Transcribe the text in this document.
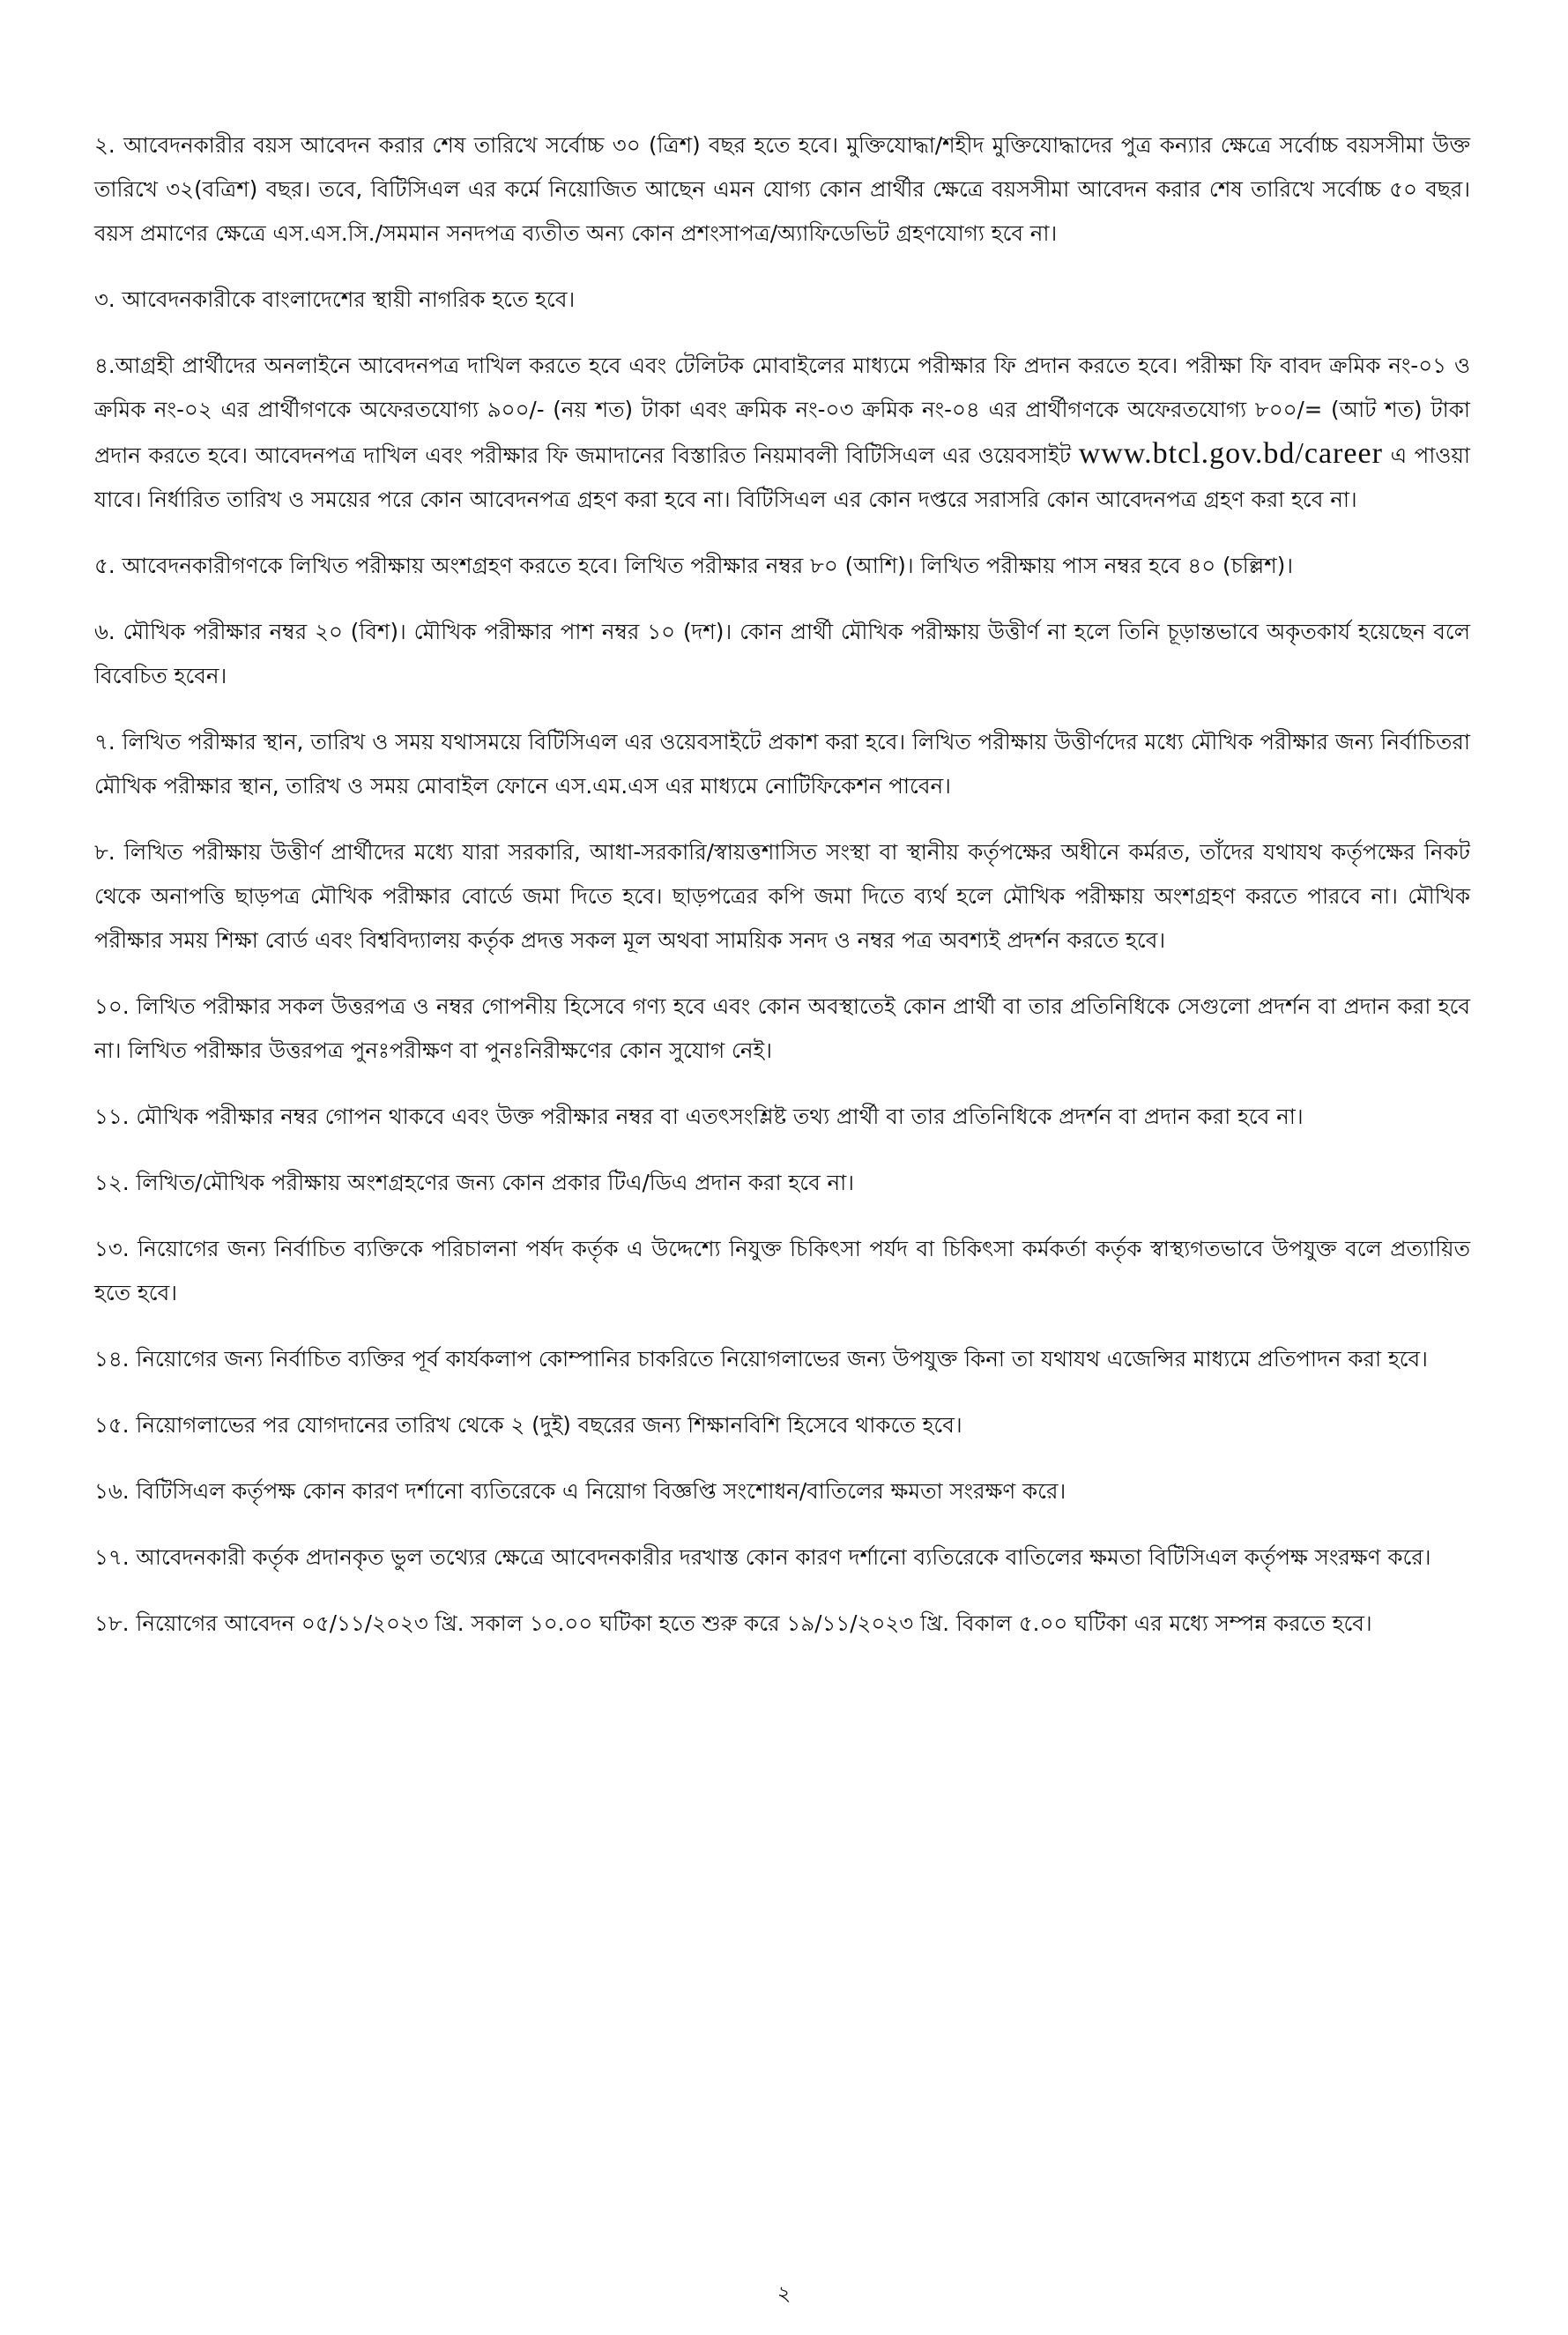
২. আবেদনকারীর বয়স আবেদন করার শেষ তারিখে সর্বোচ্চ ৩০ (ত্রিশ) বছর হতে হবে। মুক্তিযোদ্ধা/শহীদ মুক্তিযোদ্ধাদের পুত্র কন্যার ক্ষেত্রে সর্বোচ্চ বয়সসীমা উক্ত তারিখে ৩২(বত্রিশ) বছর। তবে, বিটিসিএল এর কর্মে নিয়োজিত আছেন এমন যোগ্য কোন প্রার্থীর ক্ষেত্রে বয়সসীমা আবেদন করার শেষ তারিখে সর্বোচ্চ ৫০ বছর। বয়স প্রমাণের ক্ষেত্রে এস.এস.সি./সমমান সনদপত্র ব্যতীত অন্য কোন প্রশংসাপত্র/অ্যাফিডেভিট গ্রহণযোগ্য হবে না।

৩. আবেদনকারীকে বাংলাদেশের স্থায়ী নাগরিক হতে হবে।

৪.আগ্রহী প্রার্থীদের অনলাইনে আবেদনপত্র দাখিল করতে হবে এবং টেলিটক মোবাইলের মাধ্যমে পরীক্ষার ফি প্রদান করতে হবে। পরীক্ষা ফি বাবদ ক্রমিক নং-০১ ও ক্রমিক নং-০২ এর প্রার্থীগণকে অফেরতযোগ্য ৯০০/- (নয় শত) টাকা এবং ক্রমিক নং-০৩ ক্রমিক নং-০৪ এর প্রার্থীগণকে অফেরতযোগ্য ৮০০/= (আট শত) টাকা প্রদান করতে হবে। আবেদনপত্র দাখিল এবং পরীক্ষার ফি জমাদানের বিস্তারিত নিয়মাবলী বিটিসিএল এর ওয়েবসাইট www.btcl.gov.bd/career এ পাওয়া যাবে। নির্ধারিত তারিখ ও সময়ের পরে কোন আবেদনপত্র গ্রহণ করা হবে না। বিটিসিএল এর কোন দপ্তরে সরাসরি কোন আবেদনপত্র গ্রহণ করা হবে না।

৫. আবেদনকারীগণকে লিখিত পরীক্ষায় অংশগ্রহণ করতে হবে। লিখিত পরীক্ষার নম্বর ৮০ (আশি)। লিখিত পরীক্ষায় পাস নম্বর হবে ৪০ (চল্লিশ)।

৬. মৌখিক পরীক্ষার নম্বর ২০ (বিশ)। মৌখিক পরীক্ষার পাশ নম্বর ১০ (দশ)। কোন প্রার্থী মৌখিক পরীক্ষায় উত্তীর্ণ না হলে তিনি চূড়ান্তভাবে অকৃতকার্য হয়েছেন বলে বিবেচিত হবেন।

৭. লিখিত পরীক্ষার স্থান, তারিখ ও সময় যথাসময়ে বিটিসিএল এর ওয়েবসাইটে প্রকাশ করা হবে। লিখিত পরীক্ষায় উত্তীর্ণদের মধ্যে মৌখিক পরীক্ষার জন্য নির্বাচিতরা মৌখিক পরীক্ষার স্থান, তারিখ ও সময় মোবাইল ফোনে এস.এম.এস এর মাধ্যমে নোটিফিকেশন পাবেন।

৮. লিখিত পরীক্ষায় উত্তীর্ণ প্রার্থীদের মধ্যে যারা সরকারি, আধা-সরকারি/স্বায়ত্তশাসিত সংস্থা বা স্থানীয় কর্তৃপক্ষের অধীনে কর্মরত, তাঁদের যথাযথ কর্তৃপক্ষের নিকট থেকে অনাপত্তি ছাড়পত্র মৌখিক পরীক্ষার বোর্ডে জমা দিতে হবে। ছাড়পত্রের কপি জমা দিতে ব্যর্থ হলে মৌখিক পরীক্ষায় অংশগ্রহণ করতে পারবে না। মৌখিক পরীক্ষার সময় শিক্ষা বোর্ড এবং বিশ্ববিদ্যালয় কর্তৃক প্রদত্ত সকল মূল অথবা সাময়িক সনদ ও নম্বর পত্র অবশ্যই প্রদর্শন করতে হবে।

১০. লিখিত পরীক্ষার সকল উত্তরপত্র ও নম্বর গোপনীয় হিসেবে গণ্য হবে এবং কোন অবস্থাতেই কোন প্রার্থী বা তার প্রতিনিধিকে সেগুলো প্রদর্শন বা প্রদান করা হবে না। লিখিত পরীক্ষার উত্তরপত্র পুনঃপরীক্ষণ বা পুনঃনিরীক্ষণের কোন সুযোগ নেই।

১১. মৌখিক পরীক্ষার নম্বর গোপন থাকবে এবং উক্ত পরীক্ষার নম্বর বা এতৎসংশ্লিষ্ট তথ্য প্রার্থী বা তার প্রতিনিধিকে প্রদর্শন বা প্রদান করা হবে না।

১২. লিখিত/মৌখিক পরীক্ষায় অংশগ্রহণের জন্য কোন প্রকার টিএ/ডিএ প্রদান করা হবে না।

১৩. নিয়োগের জন্য নির্বাচিত ব্যক্তিকে পরিচালনা পর্ষদ কর্তৃক এ উদ্দেশ্যে নিযুক্ত চিকিৎসা পর্যদ বা চিকিৎসা কর্মকর্তা কর্তৃক স্বাস্থ্যগতভাবে উপযুক্ত বলে প্রত্যায়িত হতে হবে।

১৪. নিয়োগের জন্য নির্বাচিত ব্যক্তির পূর্ব কার্যকলাপ কোম্পানির চাকরিতে নিয়োগলাভের জন্য উপযুক্ত কিনা তা যথাযথ এজেন্সির মাধ্যমে প্রতিপাদন করা হবে।

১৫. নিয়োগলাভের পর যোগদানের তারিখ থেকে ২ (দুই) বছরের জন্য শিক্ষানবিশি হিসেবে থাকতে হবে।

১৬. বিটিসিএল কর্তৃপক্ষ কোন কারণ দর্শানো ব্যতিরেকে এ নিয়োগ বিজ্ঞপ্তি সংশোধন/বাতিলের ক্ষমতা সংরক্ষণ করে।

১৭. আবেদনকারী কর্তৃক প্রদানকৃত ভুল তথ্যের ক্ষেত্রে আবেদনকারীর দরখাস্ত কোন কারণ দর্শানো ব্যতিরেকে বাতিলের ক্ষমতা বিটিসিএল কর্তৃপক্ষ সংরক্ষণ করে।

১৮. নিয়োগের আবেদন ০৫/১১/২০২৩ খ্রি. সকাল ১০.০০ ঘটিকা হতে শুরু করে ১৯/১১/২০২৩ খ্রি. বিকাল ৫.০০ ঘটিকা এর মধ্যে সম্পন্ন করতে হবে।

২
